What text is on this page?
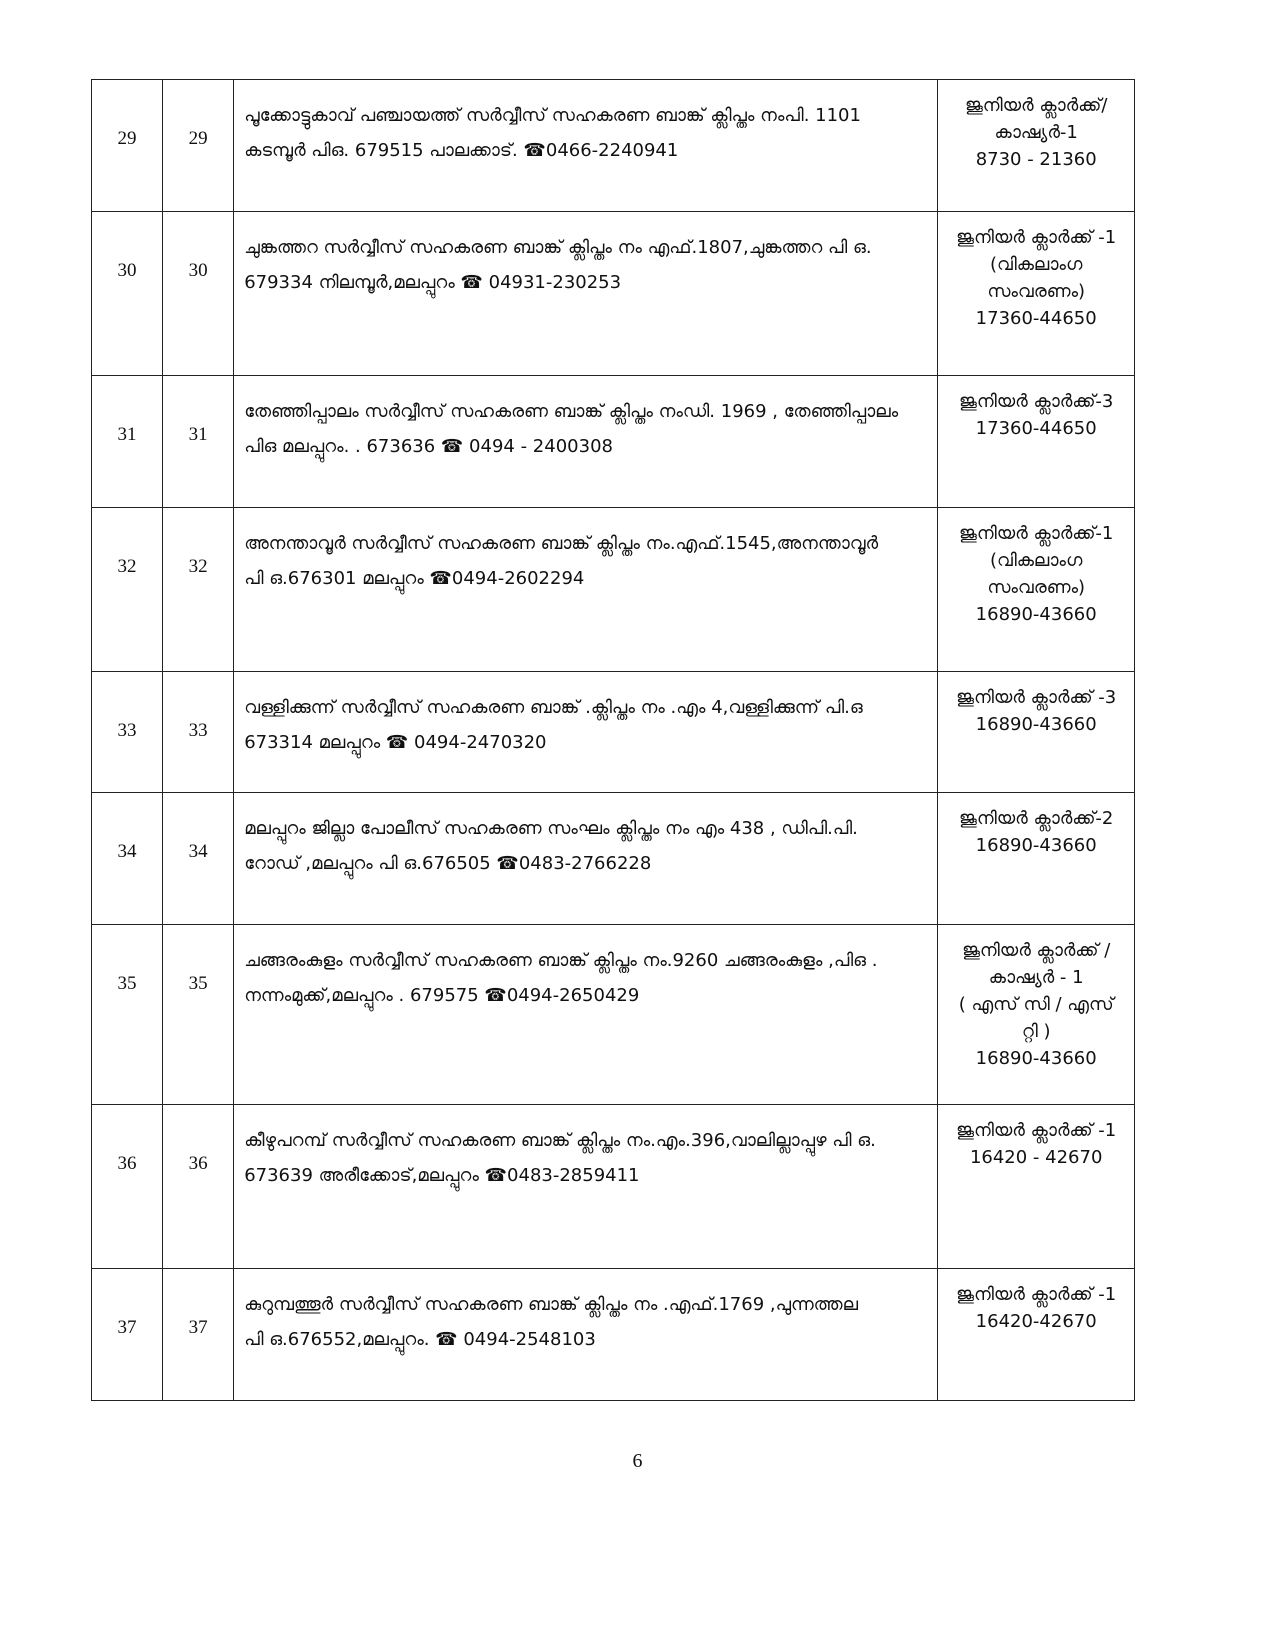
29	29	പൂക്കോട്ടുകാവ് പഞ്ചായത്ത് സർവ്വീസ് സഹകരണ ബാങ്ക് ക്ലിപ്തം നംപി. 1101
കടമ്പൂർ പിഒ. 679515 പാലക്കാട്. ☎0466-2240941	ജൂനിയർ ക്ലാർക്ക്/
കാഷ്യർ-1
8730 - 21360

30	30	ചുങ്കത്തറ സർവ്വീസ് സഹകരണ ബാങ്ക് ക്ലിപ്തം നം എഫ്.1807,ചുങ്കത്തറ പി ഒ.
679334 നിലമ്പൂർ,മലപ്പുറം ☎ 04931-230253	ജൂനിയർ ക്ലാർക്ക് -1
(വികലാംഗ
സംവരണം)
17360-44650

31	31	തേഞ്ഞിപ്പാലം സർവ്വീസ് സഹകരണ ബാങ്ക് ക്ലിപ്തം നംഡി. 1969 , തേഞ്ഞിപ്പാലം
പിഒ മലപ്പുറം. . 673636 ☎ 0494 - 2400308	ജൂനിയർ ക്ലാർക്ക്-3
17360-44650

32	32	അനന്താവൂർ സർവ്വീസ് സഹകരണ ബാങ്ക് ക്ലിപ്തം നം.എഫ്.1545,അനന്താവൂർ
പി ഒ.676301 മലപ്പുറം ☎0494-2602294	ജൂനിയർ ക്ലാർക്ക്-1
(വികലാംഗ
സംവരണം)
16890-43660

33	33	വള്ളിക്കുന്ന് സർവ്വീസ് സഹകരണ ബാങ്ക് .ക്ലിപ്തം നം .എം 4,വള്ളിക്കുന്ന് പി.ഒ
673314 മലപ്പുറം ☎ 0494-2470320	ജൂനിയർ ക്ലാർക്ക് -3
16890-43660

34	34	മലപ്പുറം ജില്ലാ പോലീസ് സഹകരണ സംഘം ക്ലിപ്തം നം എം 438 , ഡിപി.പി.
റോഡ് ,മലപ്പുറം പി ഒ.676505 ☎0483-2766228	ജൂനിയർ ക്ലാർക്ക്-2
16890-43660

35	35	ചങ്ങരംകുളം സർവ്വീസ് സഹകരണ ബാങ്ക് ക്ലിപ്തം നം.9260 ചങ്ങരംകുളം ,പിഒ .
നന്നംമുക്ക്,മലപ്പുറം . 679575 ☎0494-2650429	ജൂനിയർ ക്ലാർക്ക് /
കാഷ്യർ - 1
( എസ് സി / എസ്
റ്റി )
16890-43660

36	36	കീഴുപറമ്പ് സർവ്വീസ് സഹകരണ ബാങ്ക് ക്ലിപ്തം നം.എം.396,വാലില്ലാപ്പുഴ പി ഒ.
673639 അരീക്കോട്,മലപ്പുറം ☎0483-2859411	ജൂനിയർ ക്ലാർക്ക് -1
16420 - 42670

37	37	കുറുമ്പത്തൂർ സർവ്വീസ് സഹകരണ ബാങ്ക് ക്ലിപ്തം നം .എഫ്.1769 ,പുന്നത്തല
പി ഒ.676552,മലപ്പുറം. ☎ 0494-2548103	ജൂനിയർ ക്ലാർക്ക് -1
16420-42670
6
